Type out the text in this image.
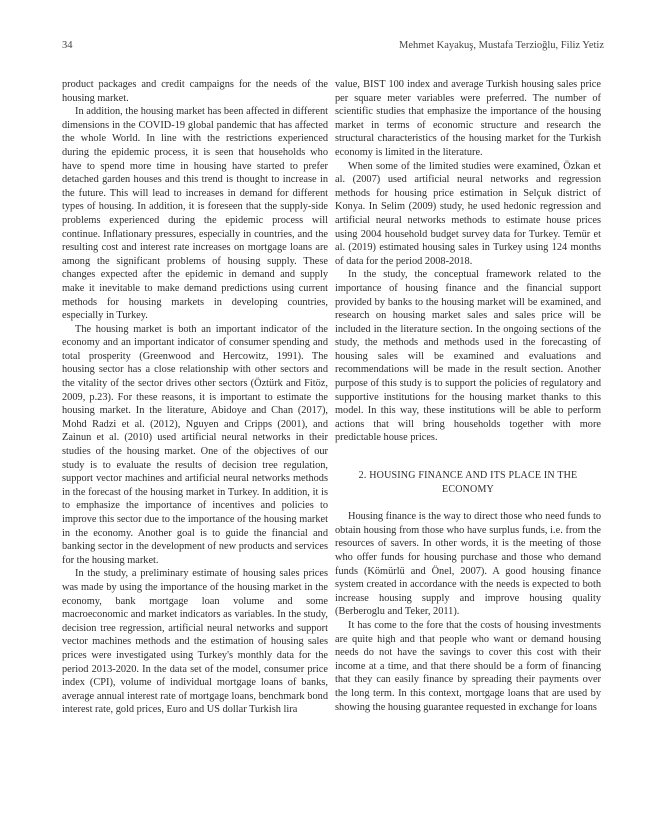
34	Mehmet Kayakuş, Mustafa Terzioğlu, Filiz Yetiz

product packages and credit campaigns for the needs of the housing market.

In addition, the housing market has been affected in different dimensions in the COVID-19 global pandemic that has affected the whole World. In line with the restrictions experienced during the epidemic process, it is seen that households who have to spend more time in housing have started to prefer detached garden houses and this trend is thought to increase in the future. This will lead to increases in demand for different types of housing. In addition, it is foreseen that the supply-side problems experienced during the epidemic process will continue. Inflationary pressures, especially in countries, and the resulting cost and interest rate increases on mortgage loans are among the significant problems of housing supply. These changes expected after the epidemic in demand and supply make it inevitable to make demand predictions using current methods for housing markets in developing countries, especially in Turkey.

The housing market is both an important indicator of the economy and an important indicator of consumer spending and total prosperity (Greenwood and Hercowitz, 1991). The housing sector has a close relationship with other sectors and the vitality of the sector drives other sectors (Öztürk and Fitöz, 2009, p.23). For these reasons, it is important to estimate the housing market. In the literature, Abidoye and Chan (2017), Mohd Radzi et al. (2012), Nguyen and Cripps (2001), and Zainun et al. (2010) used artificial neural networks in their studies of the housing market. One of the objectives of our study is to evaluate the results of decision tree regulation, support vector machines and artificial neural networks methods in the forecast of the housing market in Turkey. In addition, it is to emphasize the importance of incentives and policies to improve this sector due to the importance of the housing market in the economy. Another goal is to guide the financial and banking sector in the development of new products and services for the housing market.

In the study, a preliminary estimate of housing sales prices was made by using the importance of the housing market in the economy, bank mortgage loan volume and some macroeconomic and market indicators as variables. In the study, decision tree regression, artificial neural networks and support vector machines methods and the estimation of housing sales prices were investigated using Turkey's monthly data for the period 2013-2020. In the data set of the model, consumer price index (CPI), volume of individual mortgage loans of banks, average annual interest rate of mortgage loans, benchmark bond interest rate, gold prices, Euro and US dollar Turkish lira

value, BIST 100 index and average Turkish housing sales price per square meter variables were preferred. The number of scientific studies that emphasize the importance of the housing market in terms of economic structure and research the structural characteristics of the housing market for the Turkish economy is limited in the literature.

When some of the limited studies were examined, Özkan et al. (2007) used artificial neural networks and regression methods for housing price estimation in Selçuk district of Konya. In Selim (2009) study, he used hedonic regression and artificial neural networks methods to estimate house prices using 2004 household budget survey data for Turkey. Temür et al. (2019) estimated housing sales in Turkey using 124 months of data for the period 2008-2018.

In the study, the conceptual framework related to the importance of housing finance and the financial support provided by banks to the housing market will be examined, and research on housing market sales and sales price will be included in the literature section. In the ongoing sections of the study, the methods and methods used in the forecasting of housing sales will be examined and evaluations and recommendations will be made in the result section. Another purpose of this study is to support the policies of regulatory and supportive institutions for the housing market thanks to this model. In this way, these institutions will be able to perform actions that will bring households together with more predictable house prices.

2. HOUSING FINANCE AND ITS PLACE IN THE
ECONOMY

Housing finance is the way to direct those who need funds to obtain housing from those who have surplus funds, i.e. from the resources of savers. In other words, it is the meeting of those who offer funds for housing purchase and those who demand funds (Kömürlü and Önel, 2007). A good housing finance system created in accordance with the needs is expected to both increase housing supply and improve housing quality (Berberoglu and Teker, 2011).

It has come to the fore that the costs of housing investments are quite high and that people who want or demand housing needs do not have the savings to cover this cost with their income at a time, and that there should be a form of financing that they can easily finance by spreading their payments over the long term. In this context, mortgage loans that are used by showing the housing guarantee requested in exchange for loans
